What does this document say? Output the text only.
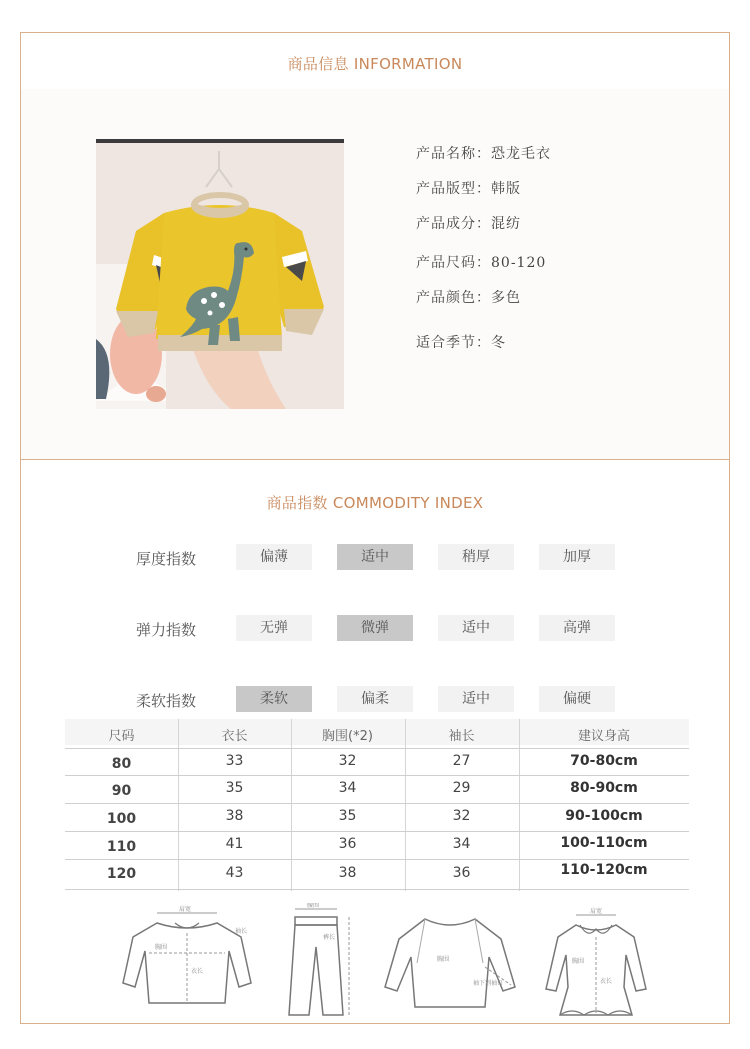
商品信息 INFORMATION
产品名称：恐龙毛衣
产品版型：韩版
产品成分：混纺
产品尺码：80-120
产品颜色：多色
适合季节：冬
商品指数 COMMODITY INDEX
厚度指数	偏薄	适中	稍厚	加厚
弹力指数	无弹	微弹	适中	高弹
柔软指数	柔软	偏柔	适中	偏硬
尺码	衣长	胸围(*2)	袖长	建议身高
80	33	32	27	70-80cm
90	35	34	29	80-90cm
100	38	35	32	90-100cm
110	41	36	34	100-110cm
120	43	38	36	110-120cm
肩宽
胸围
衣长
袖长
腰围
裤长
胸围
袖下到袖口
肩宽
胸围
衣长
